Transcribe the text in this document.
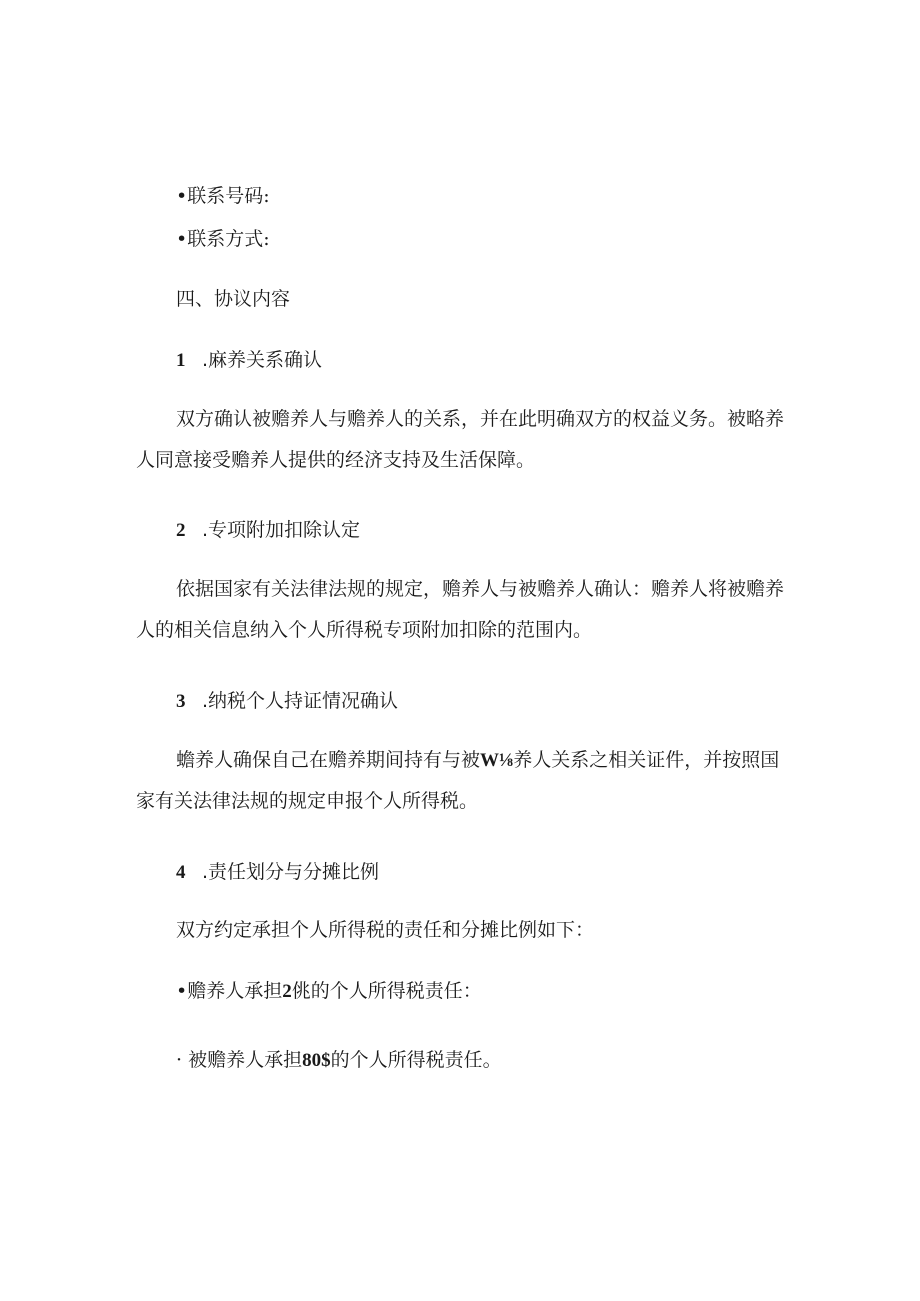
•联系号码:
•联系方式:
四、协议内容
1 .麻养关系确认
双方确认被赡养人与赡养人的关系，并在此明确双方的权益义务。被略养人同意接受赡养人提供的经济支持及生活保障。
2 .专项附加扣除认定
依据国家有关法律法规的规定，赡养人与被赡养人确认：赡养人将被赡养人的相关信息纳入个人所得税专项附加扣除的范围内。
3 .纳税个人持证情况确认
蟾养人确保自己在赡养期间持有与被W⅛养人关系之相关证件，并按照国家有关法律法规的规定申报个人所得税。
4 .责任划分与分摊比例
双方约定承担个人所得税的责任和分摊比例如下：
•赡养人承担2佻的个人所得税责任：
· 被赡养人承担80$的个人所得税责任。
